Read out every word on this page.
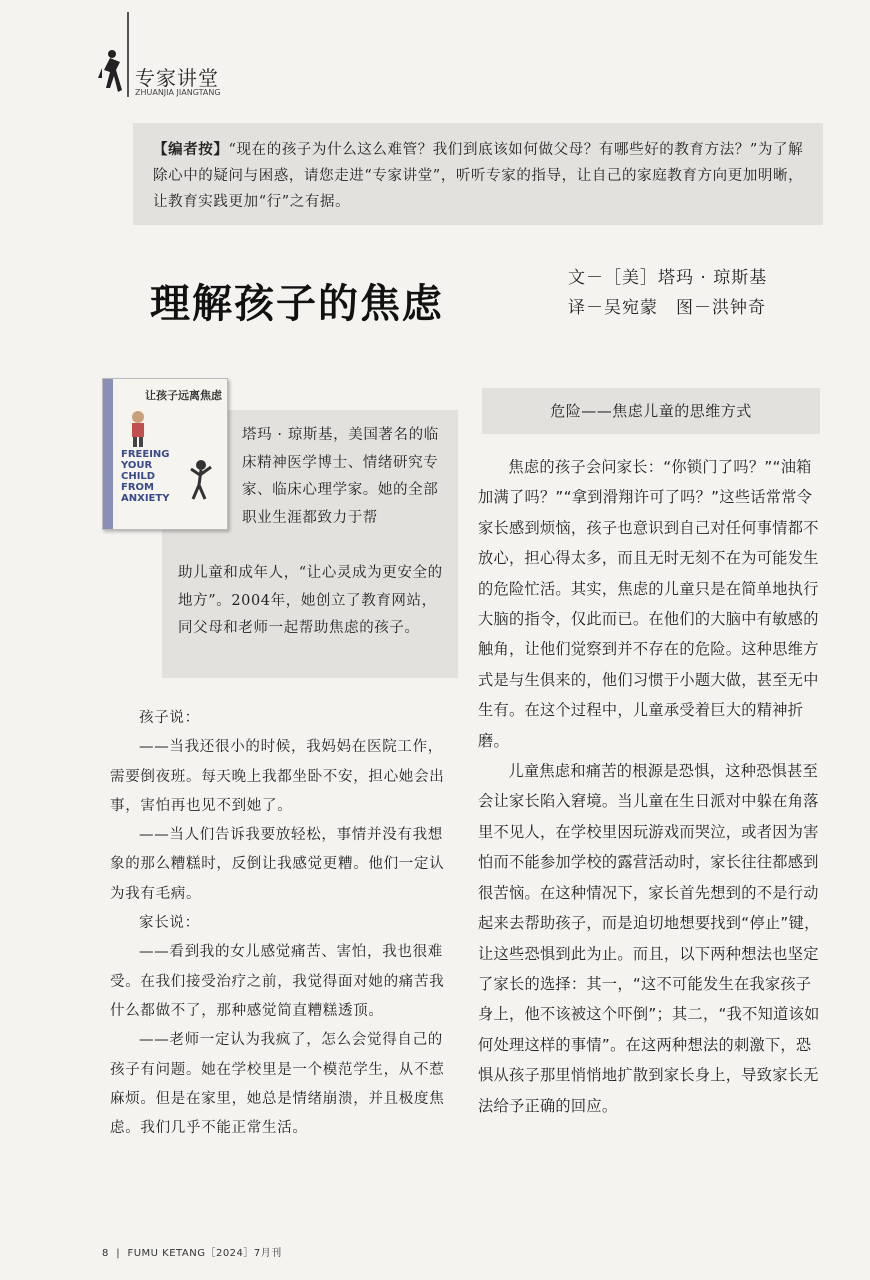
专家讲堂
ZHUANJIA JIANGTANG

【编者按】“现在的孩子为什么这么难管？我们到底该如何做父母？有哪些好的教育方法？”为了解除心中的疑问与困惑，请您走进“专家讲堂”，听听专家的指导，让自己的家庭教育方向更加明晰，让教育实践更加“行”之有据。

理解孩子的焦虑
文－［美］塔玛 · 琼斯基
译－吴宛蒙　图－洪钟奇
让孩子远离焦虑
FREEING YOUR CHILD FROM ANXIETY
塔玛 · 琼斯基，美国著名的临床精神医学博士、情绪研究专家、临床心理学家。她的全部职业生涯都致力于帮
助儿童和成年人，“让心灵成为更安全的地方”。2004年，她创立了教育网站，同父母和老师一起帮助焦虑的孩子。

孩子说：

——当我还很小的时候，我妈妈在医院工作，需要倒夜班。每天晚上我都坐卧不安，担心她会出事，害怕再也见不到她了。

——当人们告诉我要放轻松，事情并没有我想象的那么糟糕时，反倒让我感觉更糟。他们一定认为我有毛病。

家长说：

——看到我的女儿感觉痛苦、害怕，我也很难受。在我们接受治疗之前，我觉得面对她的痛苦我什么都做不了，那种感觉简直糟糕透顶。

——老师一定认为我疯了，怎么会觉得自己的孩子有问题。她在学校里是一个模范学生，从不惹麻烦。但是在家里，她总是情绪崩溃，并且极度焦虑。我们几乎不能正常生活。

危险——焦虑儿童的思维方式

焦虑的孩子会问家长：“你锁门了吗？”“油箱加满了吗？”“拿到滑翔许可了吗？”这些话常常令家长感到烦恼，孩子也意识到自己对任何事情都不放心，担心得太多，而且无时无刻不在为可能发生的危险忙活。其实，焦虑的儿童只是在简单地执行大脑的指令，仅此而已。在他们的大脑中有敏感的触角，让他们觉察到并不存在的危险。这种思维方式是与生俱来的，他们习惯于小题大做，甚至无中生有。在这个过程中，儿童承受着巨大的精神折磨。

儿童焦虑和痛苦的根源是恐惧，这种恐惧甚至会让家长陷入窘境。当儿童在生日派对中躲在角落里不见人，在学校里因玩游戏而哭泣，或者因为害怕而不能参加学校的露营活动时，家长往往都感到很苦恼。在这种情况下，家长首先想到的不是行动起来去帮助孩子，而是迫切地想要找到“停止”键，让这些恐惧到此为止。而且，以下两种想法也坚定了家长的选择：其一，“这不可能发生在我家孩子身上，他不该被这个吓倒”；其二，“我不知道该如何处理这样的事情”。在这两种想法的刺激下，恐惧从孩子那里悄悄地扩散到家长身上，导致家长无法给予正确的回应。

8  |  FUMU KETANG［2024］7月刊
